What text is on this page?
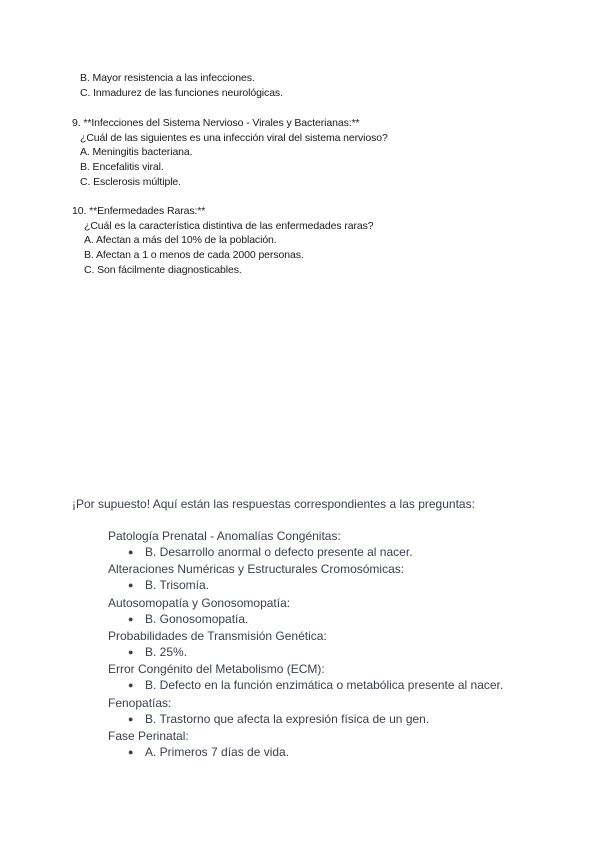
B. Mayor resistencia a las infecciones.
C. Inmadurez de las funciones neurológicas.
9. **Infecciones del Sistema Nervioso - Virales y Bacterianas:**
¿Cuál de las siguientes es una infección viral del sistema nervioso?
A. Meningitis bacteriana.
B. Encefalitis viral.
C. Esclerosis múltiple.
10. **Enfermedades Raras:**
¿Cuál es la característica distintiva de las enfermedades raras?
A. Afectan a más del 10% de la población.
B. Afectan a 1 o menos de cada 2000 personas.
C. Son fácilmente diagnosticables.
¡Por supuesto! Aquí están las respuestas correspondientes a las preguntas:
Patología Prenatal - Anomalías Congénitas:
● B. Desarrollo anormal o defecto presente al nacer.
Alteraciones Numéricas y Estructurales Cromosómicas:
● B. Trisomía.
Autosomopatía y Gonosomopatía:
● B. Gonosomopatía.
Probabilidades de Transmisión Genética:
● B. 25%.
Error Congénito del Metabolismo (ECM):
● B. Defecto en la función enzimática o metabólica presente al nacer.
Fenopatías:
● B. Trastorno que afecta la expresión física de un gen.
Fase Perinatal:
● A. Primeros 7 días de vida.
